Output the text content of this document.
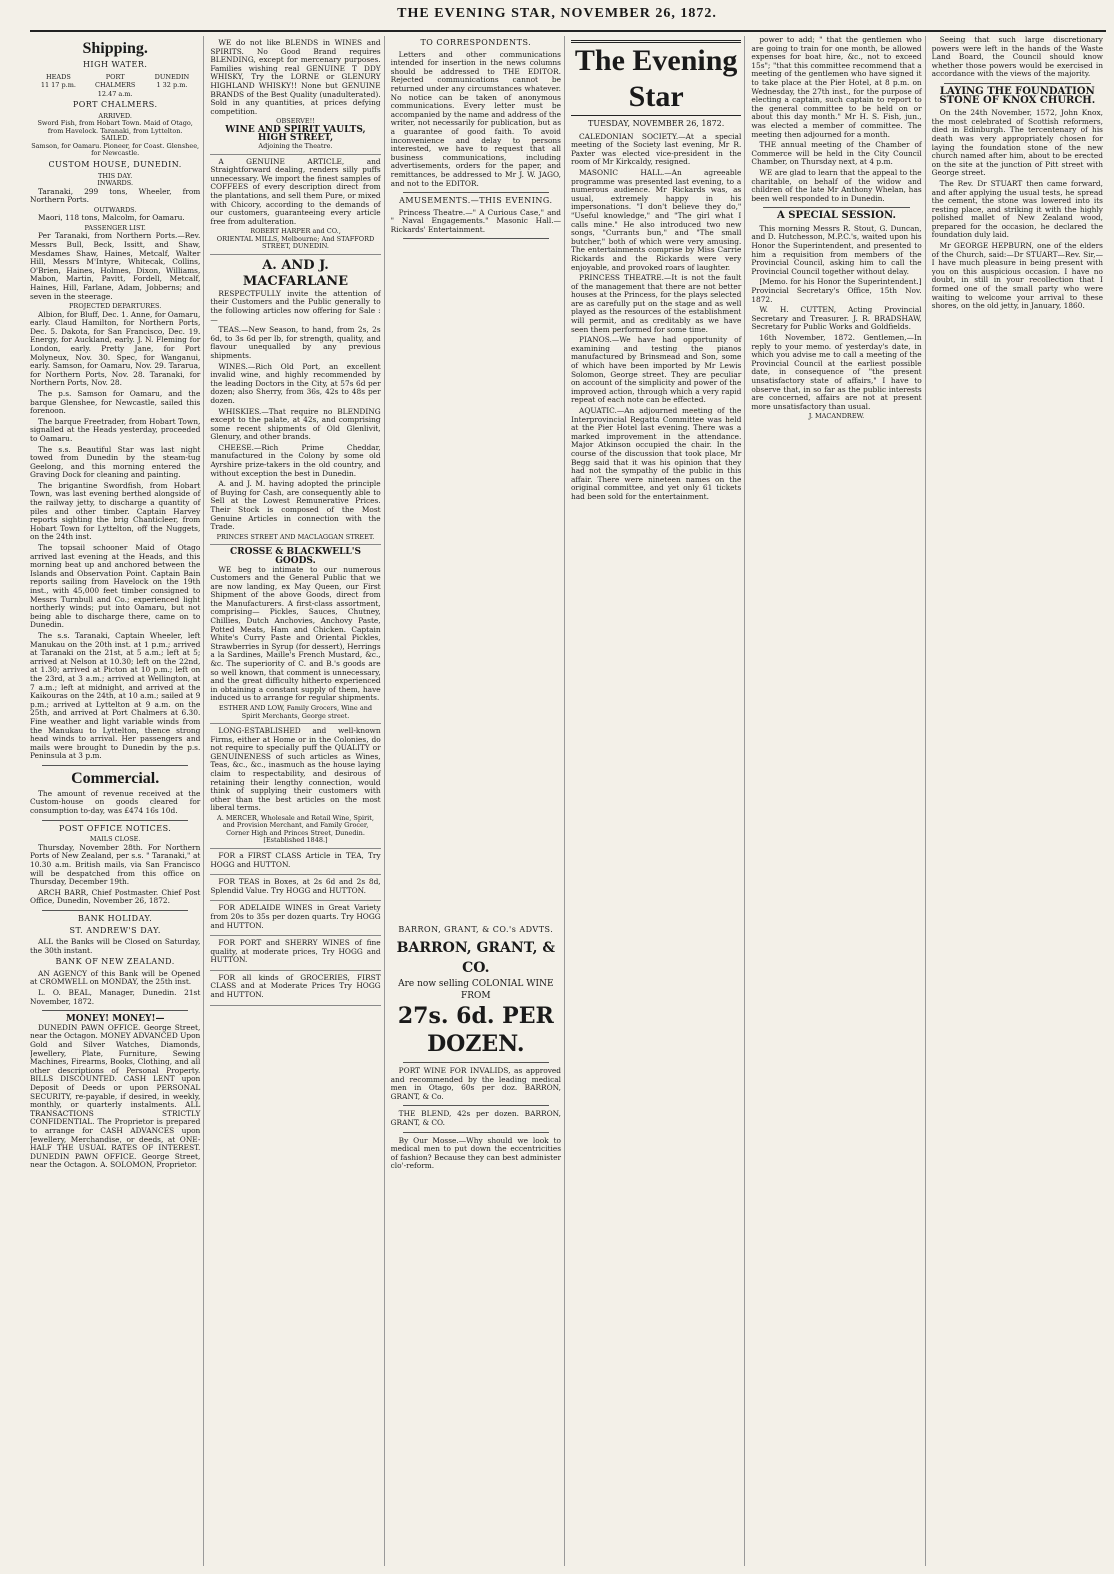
THE EVENING STAR, NOVEMBER 26, 1872.
Shipping.
HIGH WATER.
HEADS
11 17 p.m.
PORT CHALMERS
12.47 a.m.
DUNEDIN
1 32 p.m.
PORT CHALMERS.
ARRIVED.
Sword Fish, from Hobart Town. Maid of Otago, from Havelock. Taranaki, from Lyttelton.
SAILED.
Samson, for Oamaru. Pioneer, for Coast. Glenshee, for Newcastle.
CUSTOM HOUSE, DUNEDIN.
THIS DAY.
INWARDS.

Taranaki, 299 tons, Wheeler, from Northern Ports.

OUTWARDS.

Maori, 118 tons, Malcolm, for Oamaru.

PASSENGER LIST.

Per Taranaki, from Northern Ports.—Rev. Messrs Bull, Beck, Issitt, and Shaw, Mesdames Shaw, Haines, Metcalf, Walter Hill, Messrs M'Intyre, Whitecak, Collins, O'Brien, Haines, Holmes, Dixon, Williams, Mabon, Martin, Pavitt, Fordell, Metcalf, Haines, Hill, Farlane, Adam, Jobberns; and seven in the steerage.

PROJECTED DEPARTURES.

Albion, for Bluff, Dec. 1. Anne, for Oamaru, early. Claud Hamilton, for Northern Ports, Dec. 5. Dakota, for San Francisco, Dec. 19. Energy, for Auckland, early. J. N. Fleming for London, early. Pretty Jane, for Port Molyneux, Nov. 30. Spec, for Wanganui, early. Samson, for Oamaru, Nov. 29. Tararua, for Northern Ports, Nov. 28. Taranaki, for Northern Ports, Nov. 28.

The p.s. Samson for Oamaru, and the barque Glenshee, for Newcastle, sailed this forenoon.

The barque Freetrader, from Hobart Town, signalled at the Heads yesterday, proceeded to Oamaru.

The s.s. Beautiful Star was last night towed from Dunedin by the steam-tug Geelong, and this morning entered the Graving Dock for cleaning and painting.

The brigantine Swordfish, from Hobart Town, was last evening berthed alongside of the railway jetty, to discharge a quantity of piles and other timber. Captain Harvey reports sighting the brig Chanticleer, from Hobart Town for Lyttelton, off the Nuggets, on the 24th inst.

The topsail schooner Maid of Otago arrived last evening at the Heads, and this morning beat up and anchored between the Islands and Observation Point. Captain Bain reports sailing from Havelock on the 19th inst., with 45,000 feet timber consigned to Messrs Turnbull and Co.; experienced light northerly winds; put into Oamaru, but not being able to discharge there, came on to Dunedin.

The s.s. Taranaki, Captain Wheeler, left Manukau on the 20th inst. at 1 p.m.; arrived at Taranaki on the 21st, at 5 a.m.; left at 5; arrived at Nelson at 10.30; left on the 22nd, at 1.30; arrived at Picton at 10 p.m.; left on the 23rd, at 3 a.m.; arrived at Wellington, at 7 a.m.; left at midnight, and arrived at the Kaikouras on the 24th, at 10 a.m.; sailed at 9 p.m.; arrived at Lyttelton at 9 a.m. on the 25th, and arrived at Port Chalmers at 6.30. Fine weather and light variable winds from the Manukau to Lyttelton, thence strong head winds to arrival. Her passengers and mails were brought to Dunedin by the p.s. Peninsula at 3 p.m.

Commercial.

The amount of revenue received at the Custom-house on goods cleared for consumption to-day, was £474 16s 10d.

POST OFFICE NOTICES.
MAILS CLOSE.

Thursday, November 28th. For Northern Ports of New Zealand, per s.s. " Taranaki," at 10.30 a.m. British mails, via San Francisco will be despatched from this office on Thursday, December 19th.

ARCH BARR, Chief Postmaster. Chief Post Office, Dunedin, November 26, 1872.

BANK HOLIDAY.
ST. ANDREW'S DAY.

ALL the Banks will be Closed on Saturday, the 30th instant.

BANK OF NEW ZEALAND.

AN AGENCY of this Bank will be Opened at CROMWELL on MONDAY, the 25th inst.

L. O. BEAL, Manager, Dunedin. 21st November, 1872.

MONEY! MONEY!—

DUNEDIN PAWN OFFICE. George Street, near the Octagon. MONEY ADVANCED Upon Gold and Silver Watches, Diamonds, Jewellery, Plate, Furniture, Sewing Machines, Firearms, Books, Clothing, and all other descriptions of Personal Property. BILLS DISCOUNTED. CASH LENT upon Deposit of Deeds or upon PERSONAL SECURITY, re-payable, if desired, in weekly, monthly, or quarterly instalments. ALL TRANSACTIONS STRICTLY CONFIDENTIAL. The Proprietor is prepared to arrange for CASH ADVANCES upon Jewellery, Merchandise, or deeds, at ONE-HALF THE USUAL RATES OF INTEREST. DUNEDIN PAWN OFFICE. George Street, near the Octagon. A. SOLOMON, Proprietor.

WE do not like BLENDS in WINES and SPIRITS. No Good Brand requires BLENDING, except for mercenary purposes. Families wishing real GENUINE T DDY WHISKY, Try the LORNE or GLENURY HIGHLAND WHISKY!! None but GENUINE BRANDS of the Best Quality (unadulterated). Sold in any quantities, at prices defying competition.

OBSERVE!!
WINE AND SPIRIT VAULTS, HIGH STREET,
Adjoining the Theatre.

A GENUINE ARTICLE, and Straightforward dealing, renders silly puffs unnecessary. We import the finest samples of COFFEES of every description direct from the plantations, and sell them Pure, or mixed with Chicory, according to the demands of our customers, guaranteeing every article free from adulteration.

ROBERT HARPER and CO.,
ORIENTAL MILLS, Melbourne; And STAFFORD STREET, DUNEDIN.
A. AND J. MACFARLANE

RESPECTFULLY invite the attention of their Customers and the Public generally to the following articles now offering for Sale :—

TEAS.—New Season, to hand, from 2s, 2s 6d, to 3s 6d per lb, for strength, quality, and flavour unequalled by any previous shipments.

WINES.—Rich Old Port, an excellent invalid wine, and highly recommended by the leading Doctors in the City, at 57s 6d per dozen; also Sherry, from 36s, 42s to 48s per dozen.

WHISKIES.—That require no BLENDING except to the palate, at 42s, and comprising some recent shipments of Old Glenlivit, Glenury, and other brands.

CHEESE.—Rich Prime Cheddar, manufactured in the Colony by some old Ayrshire prize-takers in the old country, and without exception the best in Dunedin.

A. and J. M. having adopted the principle of Buying for Cash, are consequently able to Sell at the Lowest Remunerative Prices. Their Stock is composed of the Most Genuine Articles in connection with the Trade.

PRINCES STREET AND MACLAGGAN STREET.
CROSSE & BLACKWELL'S GOODS.

WE beg to intimate to our numerous Customers and the General Public that we are now landing, ex May Queen, our First Shipment of the above Goods, direct from the Manufacturers. A first-class assortment, comprising— Pickles, Sauces, Chutney, Chillies, Dutch Anchovies, Anchovy Paste, Potted Meats, Ham and Chicken. Captain White's Curry Paste and Oriental Pickles, Strawberries in Syrup (for dessert), Herrings a la Sardines, Maille's French Mustard, &c., &c. The superiority of C. and B.'s goods are so well known, that comment is unnecessary, and the great difficulty hitherto experienced in obtaining a constant supply of them, have induced us to arrange for regular shipments.

ESTHER AND LOW, Family Grocers, Wine and Spirit Merchants, George street.

LONG-ESTABLISHED and well-known Firms, either at Home or in the Colonies, do not require to specially puff the QUALITY or GENUINENESS of such articles as Wines, Teas, &c., &c., inasmuch as the house laying claim to respectability, and desirous of retaining their lengthy connection, would think of supplying their customers with other than the best articles on the most liberal terms.

A. MERCER, Wholesale and Retail Wine, Spirit, and Provision Merchant, and Family Grocer, Corner High and Princes Street, Dunedin.
[Established 1848.]

FOR a FIRST CLASS Article in TEA, Try HOGG and HUTTON.

FOR TEAS in Boxes, at 2s 6d and 2s 8d, Splendid Value. Try HOGG and HUTTON.

FOR ADELAIDE WINES in Great Variety from 20s to 35s per dozen quarts. Try HOGG and HUTTON.

FOR PORT and SHERRY WINES of fine quality, at moderate prices, Try HOGG and HUTTON.

FOR all kinds of GROCERIES, FIRST CLASS and at Moderate Prices Try HOGG and HUTTON.

TO CORRESPONDENTS.

Letters and other communications intended for insertion in the news columns should be addressed to THE EDITOR. Rejected communications cannot be returned under any circumstances whatever. No notice can be taken of anonymous communications. Every letter must be accompanied by the name and address of the writer, not necessarily for publication, but as a guarantee of good faith. To avoid inconvenience and delay to persons interested, we have to request that all business communications, including advertisements, orders for the paper, and remittances, be addressed to Mr J. W. JAGO, and not to the EDITOR.

AMUSEMENTS.—THIS EVENING.

Princess Theatre.—" A Curious Case," and " Naval Engagements." Masonic Hall.—Rickards' Entertainment.

BARRON, GRANT, & CO.'s ADVTS.
BARRON, GRANT, & CO.
Are now selling COLONIAL WINE FROM
27s. 6d. PER DOZEN.

PORT WINE FOR INVALIDS, as approved and recommended by the leading medical men in Otago, 60s per doz. BARRON, GRANT, & Co.

THE BLEND, 42s per dozen. BARRON, GRANT, & CO.

By Our Mosse.—Why should we look to medical men to put down the eccentricities of fashion? Because they can best administer clo'-reform.

The Evening Star
TUESDAY, NOVEMBER 26, 1872.

CALEDONIAN SOCIETY.—At a special meeting of the Society last evening, Mr R. Paxter was elected vice-president in the room of Mr Kirkcaldy, resigned.

MASONIC HALL.—An agreeable programme was presented last evening, to a numerous audience. Mr Rickards was, as usual, extremely happy in his impersonations. "I don't believe they do," "Useful knowledge," and "The girl what I calls mine." He also introduced two new songs, "Currants bun," and "The small butcher," both of which were very amusing. The entertainments comprise by Miss Carrie Rickards and the Rickards were very enjoyable, and provoked roars of laughter.

PRINCESS THEATRE.—It is not the fault of the management that there are not better houses at the Princess, for the plays selected are as carefully put on the stage and as well played as the resources of the establishment will permit, and as creditably as we have seen them performed for some time.

PIANOS.—We have had opportunity of examining and testing the pianos manufactured by Brinsmead and Son, some of which have been imported by Mr Lewis Solomon, George street. They are peculiar on account of the simplicity and power of the improved action, through which a very rapid repeat of each note can be effected.

AQUATIC.—An adjourned meeting of the Interprovincial Regatta Committee was held at the Pier Hotel last evening. There was a marked improvement in the attendance. Major Atkinson occupied the chair. In the course of the discussion that took place, Mr Begg said that it was his opinion that they had not the sympathy of the public in this affair. There were nineteen names on the original committee, and yet only 61 tickets had been sold for the entertainment.

power to add; " that the gentlemen who are going to train for one month, be allowed expenses for boat hire, &c., not to exceed 15s"; "that this committee recommend that a meeting of the gentlemen who have signed it to take place at the Pier Hotel, at 8 p.m. on Wednesday, the 27th inst., for the purpose of electing a captain, such captain to report to the general committee to be held on or about this day month." Mr H. S. Fish, jun., was elected a member of committee. The meeting then adjourned for a month.

THE annual meeting of the Chamber of Commerce will be held in the City Council Chamber, on Thursday next, at 4 p.m.

WE are glad to learn that the appeal to the charitable, on behalf of the widow and children of the late Mr Anthony Whelan, has been well responded to in Dunedin.

A SPECIAL SESSION.

This morning Messrs R. Stout, G. Duncan, and D. Hutchesson, M.P.C.'s, waited upon his Honor the Superintendent, and presented to him a requisition from members of the Provincial Council, asking him to call the Provincial Council together without delay.

[Memo. for his Honor the Superintendent.] Provincial Secretary's Office, 15th Nov. 1872.

W. H. CUTTEN, Acting Provincial Secretary and Treasurer. J. R. BRADSHAW, Secretary for Public Works and Goldfields.

16th November, 1872. Gentlemen,—In reply to your memo. of yesterday's date, in which you advise me to call a meeting of the Provincial Council at the earliest possible date, in consequence of "the present unsatisfactory state of affairs," I have to observe that, in so far as the public interests are concerned, affairs are not at present more unsatisfactory than usual.

J. MACANDREW.

Seeing that such large discretionary powers were left in the hands of the Waste Land Board, the Council should know whether those powers would be exercised in accordance with the views of the majority.

LAYING THE FOUNDATION STONE OF KNOX CHURCH.

On the 24th November, 1572, John Knox, the most celebrated of Scottish reformers, died in Edinburgh. The tercentenary of his death was very appropriately chosen for laying the foundation stone of the new church named after him, about to be erected on the site at the junction of Pitt street with George street.

The Rev. Dr STUART then came forward, and after applying the usual tests, he spread the cement, the stone was lowered into its resting place, and striking it with the highly polished mallet of New Zealand wood, prepared for the occasion, he declared the foundation duly laid.

Mr GEORGE HEPBURN, one of the elders of the Church, said:—Dr STUART—Rev. Sir,—I have much pleasure in being present with you on this auspicious occasion. I have no doubt, in still in your recollection that I formed one of the small party who were waiting to welcome your arrival to these shores, on the old jetty, in January, 1860.
